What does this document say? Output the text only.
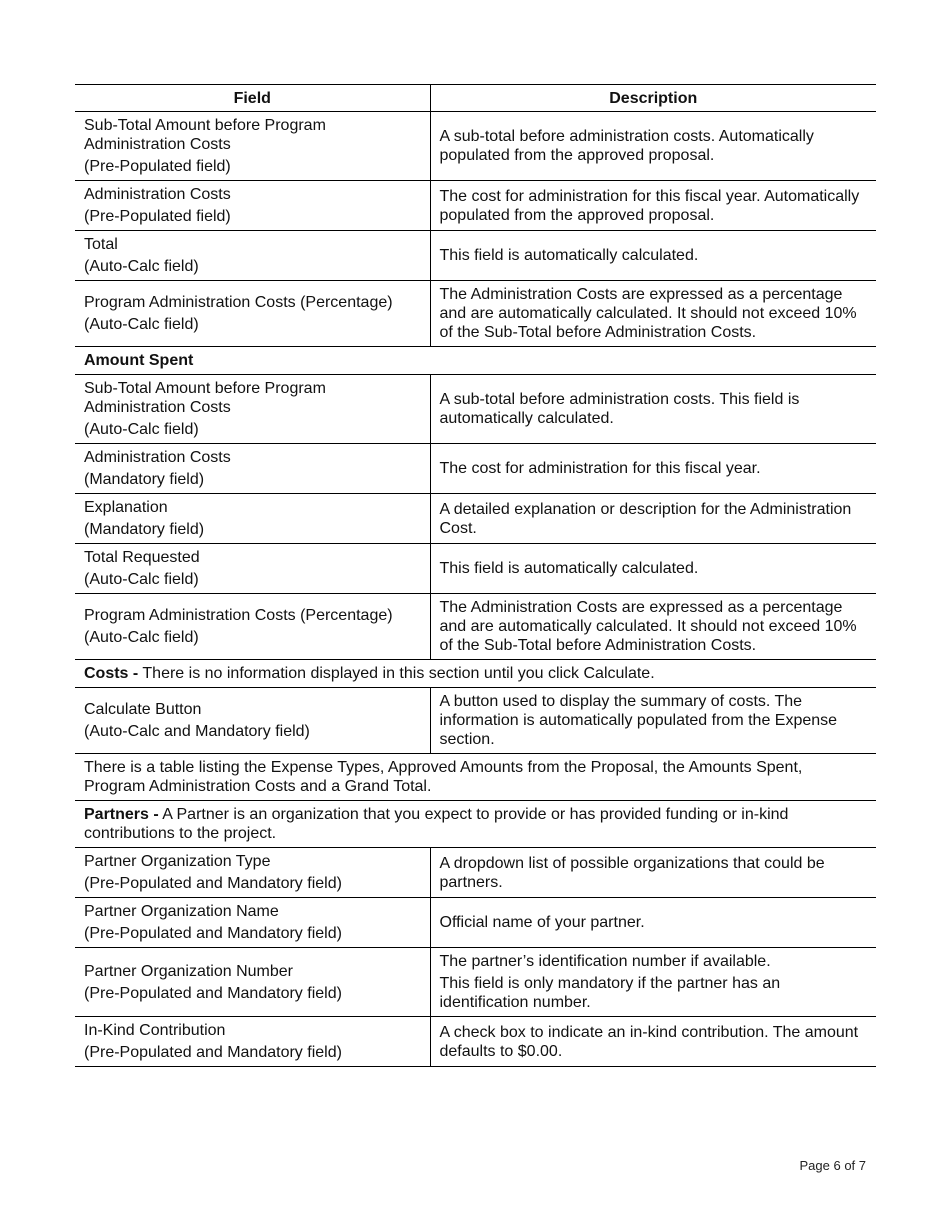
Field	Description

Sub-Total Amount before Program Administration Costs
(Pre-Populated field)	A sub-total before administration costs. Automatically populated from the approved proposal.

Administration Costs
(Pre-Populated field)	The cost for administration for this fiscal year. Automatically populated from the approved proposal.

Total
(Auto-Calc field)	This field is automatically calculated.

Program Administration Costs (Percentage)
(Auto-Calc field)	The Administration Costs are expressed as a percentage and are automatically calculated. It should not exceed 10% of the Sub-Total before Administration Costs.

Amount Spent	

Sub-Total Amount before Program Administration Costs
(Auto-Calc field)	A sub-total before administration costs. This field is automatically calculated.

Administration Costs
(Mandatory field)	The cost for administration for this fiscal year.

Explanation
(Mandatory field)	A detailed explanation or description for the Administration Cost.

Total Requested
(Auto-Calc field)	This field is automatically calculated.

Program Administration Costs (Percentage)
(Auto-Calc field)	The Administration Costs are expressed as a percentage and are automatically calculated. It should not exceed 10% of the Sub-Total before Administration Costs.

Costs - There is no information displayed in this section until you click Calculate.	

Calculate Button
(Auto-Calc and Mandatory field)	A button used to display the summary of costs. The information is automatically populated from the Expense section.

There is a table listing the Expense Types, Approved Amounts from the Proposal, the Amounts Spent, Program Administration Costs and a Grand Total.	
Partners - A Partner is an organization that you expect to provide or has provided funding or in-kind contributions to the project.	

Partner Organization Type
(Pre-Populated and Mandatory field)	A dropdown list of possible organizations that could be partners.

Partner Organization Name
(Pre-Populated and Mandatory field)	Official name of your partner.

Partner Organization Number
(Pre-Populated and Mandatory field)	The partner’s identification number if available.
This field is only mandatory if the partner has an identification number.

In-Kind Contribution
(Pre-Populated and Mandatory field)	A check box to indicate an in-kind contribution. The amount defaults to $0.00.
Page 6 of 7
